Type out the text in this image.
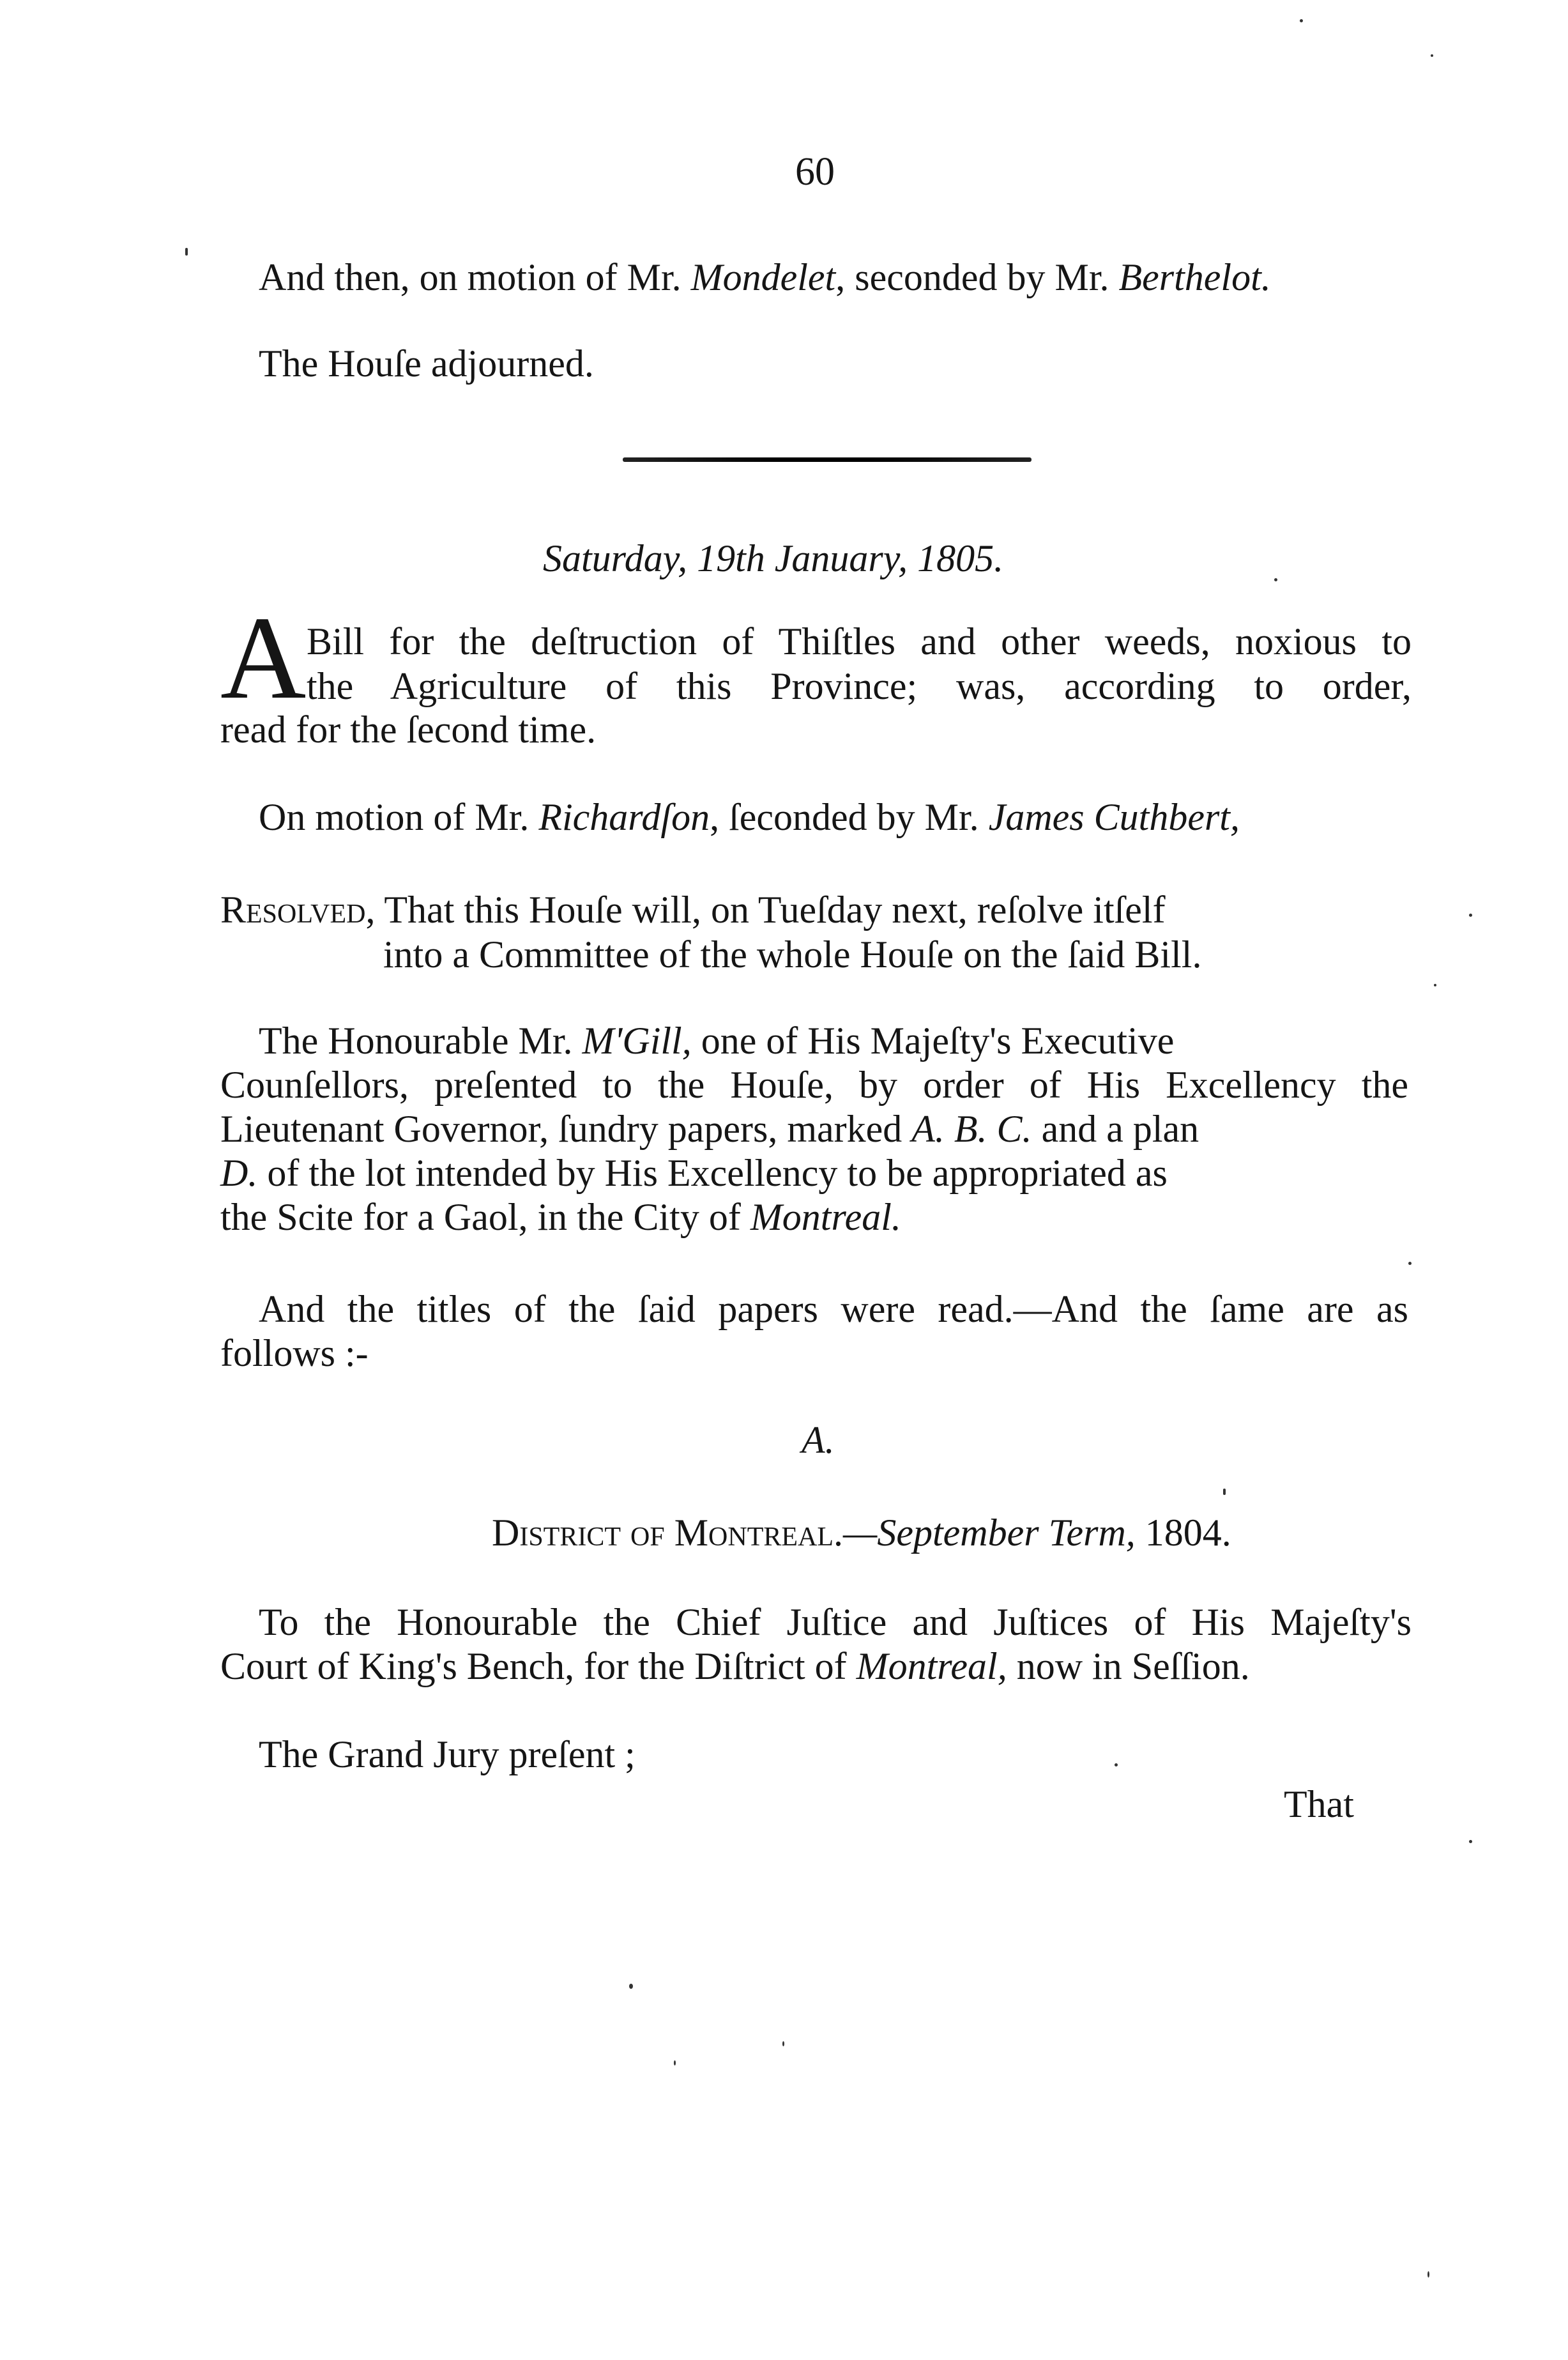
60
And then, on motion of Mr. Mondelet, seconded by Mr. Berthelot.
The Houſe adjourned.
Saturday, 19th January, 1805.
A Bill for the deſtruction of Thiſtles and other weeds, noxious to
the Agriculture of this Province; was, according to order,
read for the ſecond time.
On motion of Mr. Richardſon, ſeconded by Mr. James Cuthbert,
Resolved, That this Houſe will, on Tueſday next, reſolve itſelf
into a Committee of the whole Houſe on the ſaid Bill.
The Honourable Mr. M'Gill, one of His Majeſty's Executive
Counſellors, preſented to the Houſe, by order of His Excellency the
Lieutenant Governor, ſundry papers, marked A. B. C. and a plan
D. of the lot intended by His Excellency to be appropriated as
the Scite for a Gaol, in the City of Montreal.
And the titles of the ſaid papers were read.—And the ſame are as
follows :-
A.
District of Montreal.—September Term, 1804.
To the Honourable the Chief Juſtice and Juſtices of His Majeſty's
Court of King's Bench, for the Diſtrict of Montreal, now in Seſſion.
The Grand Jury preſent ;
That
